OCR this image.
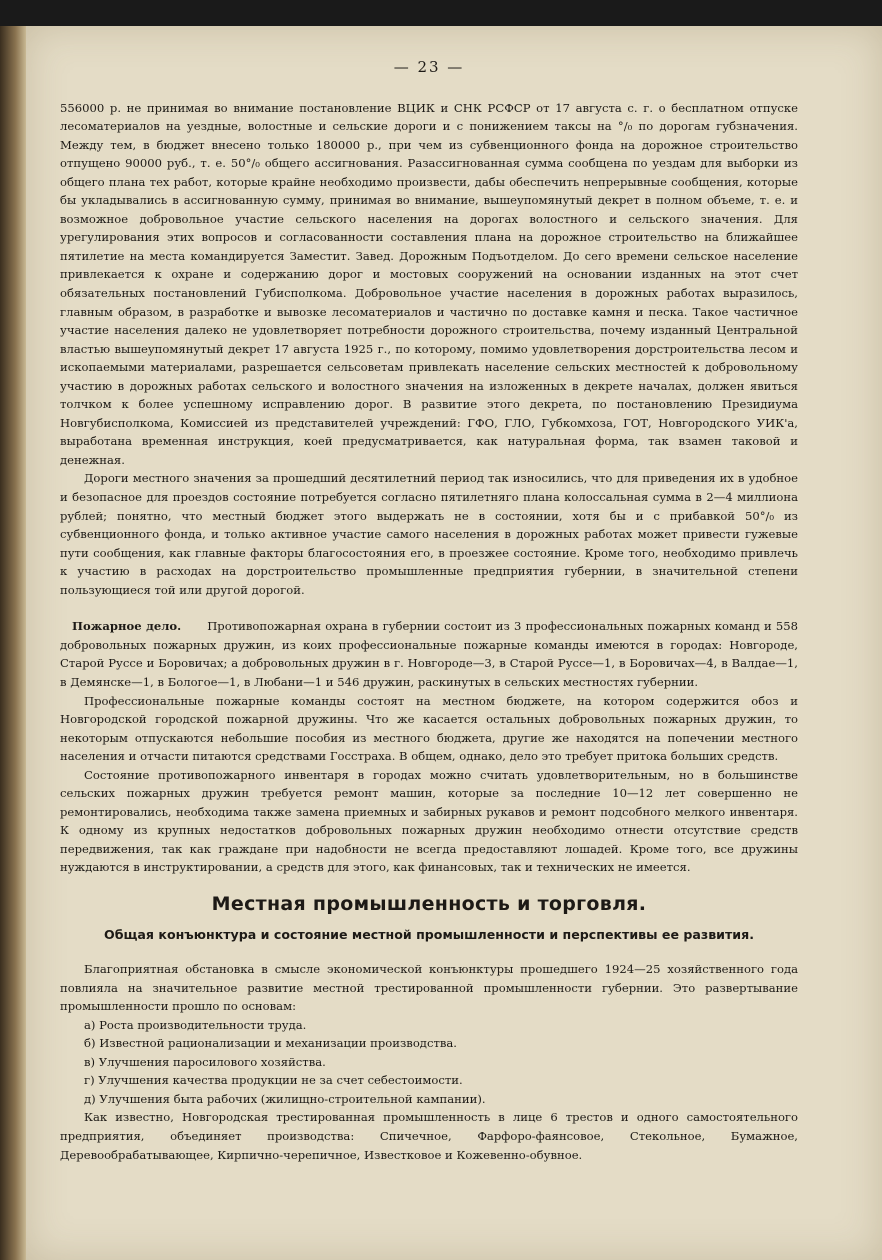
— 23 —

556000 р. не принимая во внимание постановление ВЦИК и СНК РСФСР от 17 августа с. г. о бесплатном отпуске лесоматериалов на уездные, волостные и сельские дороги и с понижением таксы на °/₀ по дорогам губзначения. Между тем, в бюджет внесено только 180000 р., при чем из субвенционного фонда на дорожное строительство отпущено 90000 руб., т. е. 50°/₀ общего ассигнования. Разассигнованная сумма сообщена по уездам для выборки из общего плана тех работ, которые крайне необходимо произвести, дабы обеспечить непрерывные сообщения, которые бы укладывались в ассигнованную сумму, принимая во внимание, вышеупомянутый декрет в полном объеме, т. е. и возможное добровольное участие сельского населения на дорогах волостного и сельского значения. Для урегулирования этих вопросов и согласованности составления плана на дорожное строительство на ближайшее пятилетие на места командируется Заместит. Завед. Дорожным Подъотделом. До сего времени сельское население привлекается к охране и содержанию дорог и мостовых сооружений на основании изданных на этот счет обязательных постановлений Губисполкома. Добровольное участие населения в дорожных работах выразилось, главным образом, в разработке и вывозке лесоматериалов и частично по доставке камня и песка. Такое частичное участие населения далеко не удовлетворяет потребности дорожного строительства, почему изданный Центральной властью вышеупомянутый декрет 17 августа 1925 г., по которому, помимо удовлетворения дорстроительства лесом и ископаемыми материалами, разрешается сельсоветам привлекать население сельских местностей к добровольному участию в дорожных работах сельского и волостного значения на изложенных в декрете началах, должен явиться толчком к более успешному исправлению дорог. В развитие этого декрета, по постановлению Президиума Новгубисполкома, Комиссией из представителей учреждений: ГФО, ГЛО, Губкомхоза, ГОТ, Новгородского УИК'а, выработана временная инструкция, коей предусматривается, как натуральная форма, так взамен таковой и денежная.

Дороги местного значения за прошедший десятилетний период так износились, что для приведения их в удобное и безопасное для проездов состояние потребуется согласно пятилетняго плана колоссальная сумма в 2—4 миллиона рублей; понятно, что местный бюджет этого выдержать не в состоянии, хотя бы и с прибавкой 50°/₀ из субвенционного фонда, и только активное участие самого населения в дорожных работах может привести гужевые пути сообщения, как главные факторы благосостояния его, в проезжее состояние. Кроме того, необходимо привлечь к участию в расходах на дорстроительство промышленные предприятия губернии, в значительной степени пользующиеся той или другой дорогой.

Пожарное дело. Противопожарная охрана в губернии состоит из 3 профессиональных пожарных команд и 558 добровольных пожарных дружин, из коих профессиональные пожарные команды имеются в городах: Новгороде, Старой Руссе и Боровичах; а добровольных дружин в г. Новгороде—3, в Старой Руссе—1, в Боровичах—4, в Валдае—1, в Демянске—1, в Бологое—1, в Любани—1 и 546 дружин, раскинутых в сельских местностях губернии.

Профессиональные пожарные команды состоят на местном бюджете, на котором содержится обоз и Новгородской городской пожарной дружины. Что же касается остальных добровольных пожарных дружин, то некоторым отпускаются небольшие пособия из местного бюджета, другие же находятся на попечении местного населения и отчасти питаются средствами Госстраха. В общем, однако, дело это требует притока больших средств.

Состояние противопожарного инвентаря в городах можно считать удовлетворительным, но в большинстве сельских пожарных дружин требуется ремонт машин, которые за последние 10—12 лет совершенно не ремонтировались, необходима также замена приемных и забирных рукавов и ремонт подсобного мелкого инвентаря. К одному из крупных недостатков добровольных пожарных дружин необходимо отнести отсутствие средств передвижения, так как граждане при надобности не всегда предоставляют лошадей. Кроме того, все дружины нуждаются в инструктировании, а средств для этого, как финансовых, так и технических не имеется.

Местная промышленность и торговля.
Общая конъюнктура и состояние местной промышленности и перспективы ее развития.

Благоприятная обстановка в смысле экономической конъюнктуры прошедшего 1924—25 хозяйственного года повлияла на значительное развитие местной трестированной промышленности губернии. Это развертывание промышленности прошло по основам:

а) Роста производительности труда.
б) Известной рационализации и механизации производства.
в) Улучшения паросилового хозяйства.
г) Улучшения качества продукции не за счет себестоимости.
д) Улучшения быта рабочих (жилищно-строительной кампании).

Как известно, Новгородская трестированная промышленность в лице 6 трестов и одного самостоятельного предприятия, объединяет производства: Спичечное, Фарфоро-фаянсовое, Стекольное, Бумажное, Деревообрабатывающее, Кирпично-черепичное, Известковое и Кожевенно-обувное.
